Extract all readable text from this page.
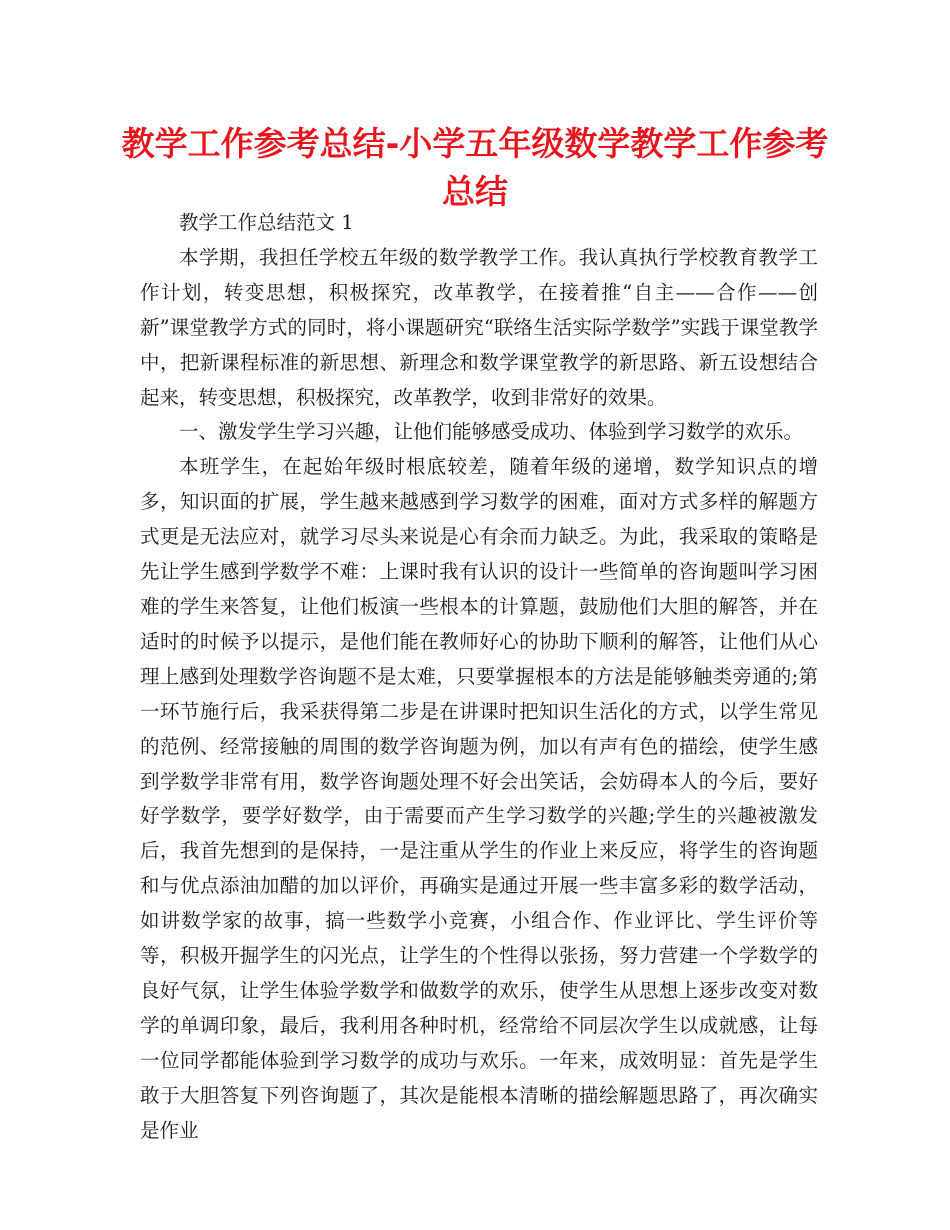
教学工作参考总结-小学五年级数学教学工作参考总结

教学工作总结范文 1

本学期，我担任学校五年级的数学教学工作。我认真执行学校教育教学工作计划，转变思想，积极探究，改革教学，在接着推“自主——合作——创新”课堂教学方式的同时，将小课题研究“联络生活实际学数学”实践于课堂教学中，把新课程标准的新思想、新理念和数学课堂教学的新思路、新五设想结合起来，转变思想，积极探究，改革教学，收到非常好的效果。

一、激发学生学习兴趣，让他们能够感受成功、体验到学习数学的欢乐。

本班学生，在起始年级时根底较差，随着年级的递增，数学知识点的增多，知识面的扩展，学生越来越感到学习数学的困难，面对方式多样的解题方式更是无法应对，就学习尽头来说是心有余而力缺乏。为此，我采取的策略是先让学生感到学数学不难：上课时我有认识的设计一些简单的咨询题叫学习困难的学生来答复，让他们板演一些根本的计算题，鼓励他们大胆的解答，并在适时的时候予以提示，是他们能在教师好心的协助下顺利的解答，让他们从心理上感到处理数学咨询题不是太难，只要掌握根本的方法是能够触类旁通的;第一环节施行后，我采获得第二步是在讲课时把知识生活化的方式，以学生常见的范例、经常接触的周围的数学咨询题为例，加以有声有色的描绘，使学生感到学数学非常有用，数学咨询题处理不好会出笑话，会妨碍本人的今后，要好好学数学，要学好数学，由于需要而产生学习数学的兴趣;学生的兴趣被激发后，我首先想到的是保持，一是注重从学生的作业上来反应，将学生的咨询题和与优点添油加醋的加以评价，再确实是通过开展一些丰富多彩的数学活动，如讲数学家的故事，搞一些数学小竞赛，小组合作、作业评比、学生评价等等，积极开掘学生的闪光点，让学生的个性得以张扬，努力营建一个学数学的良好气氛，让学生体验学数学和做数学的欢乐，使学生从思想上逐步改变对数学的单调印象，最后，我利用各种时机，经常给不同层次学生以成就感，让每一位同学都能体验到学习数学的成功与欢乐。一年来，成效明显：首先是学生敢于大胆答复下列咨询题了，其次是能根本清晰的描绘解题思路了，再次确实是作业
